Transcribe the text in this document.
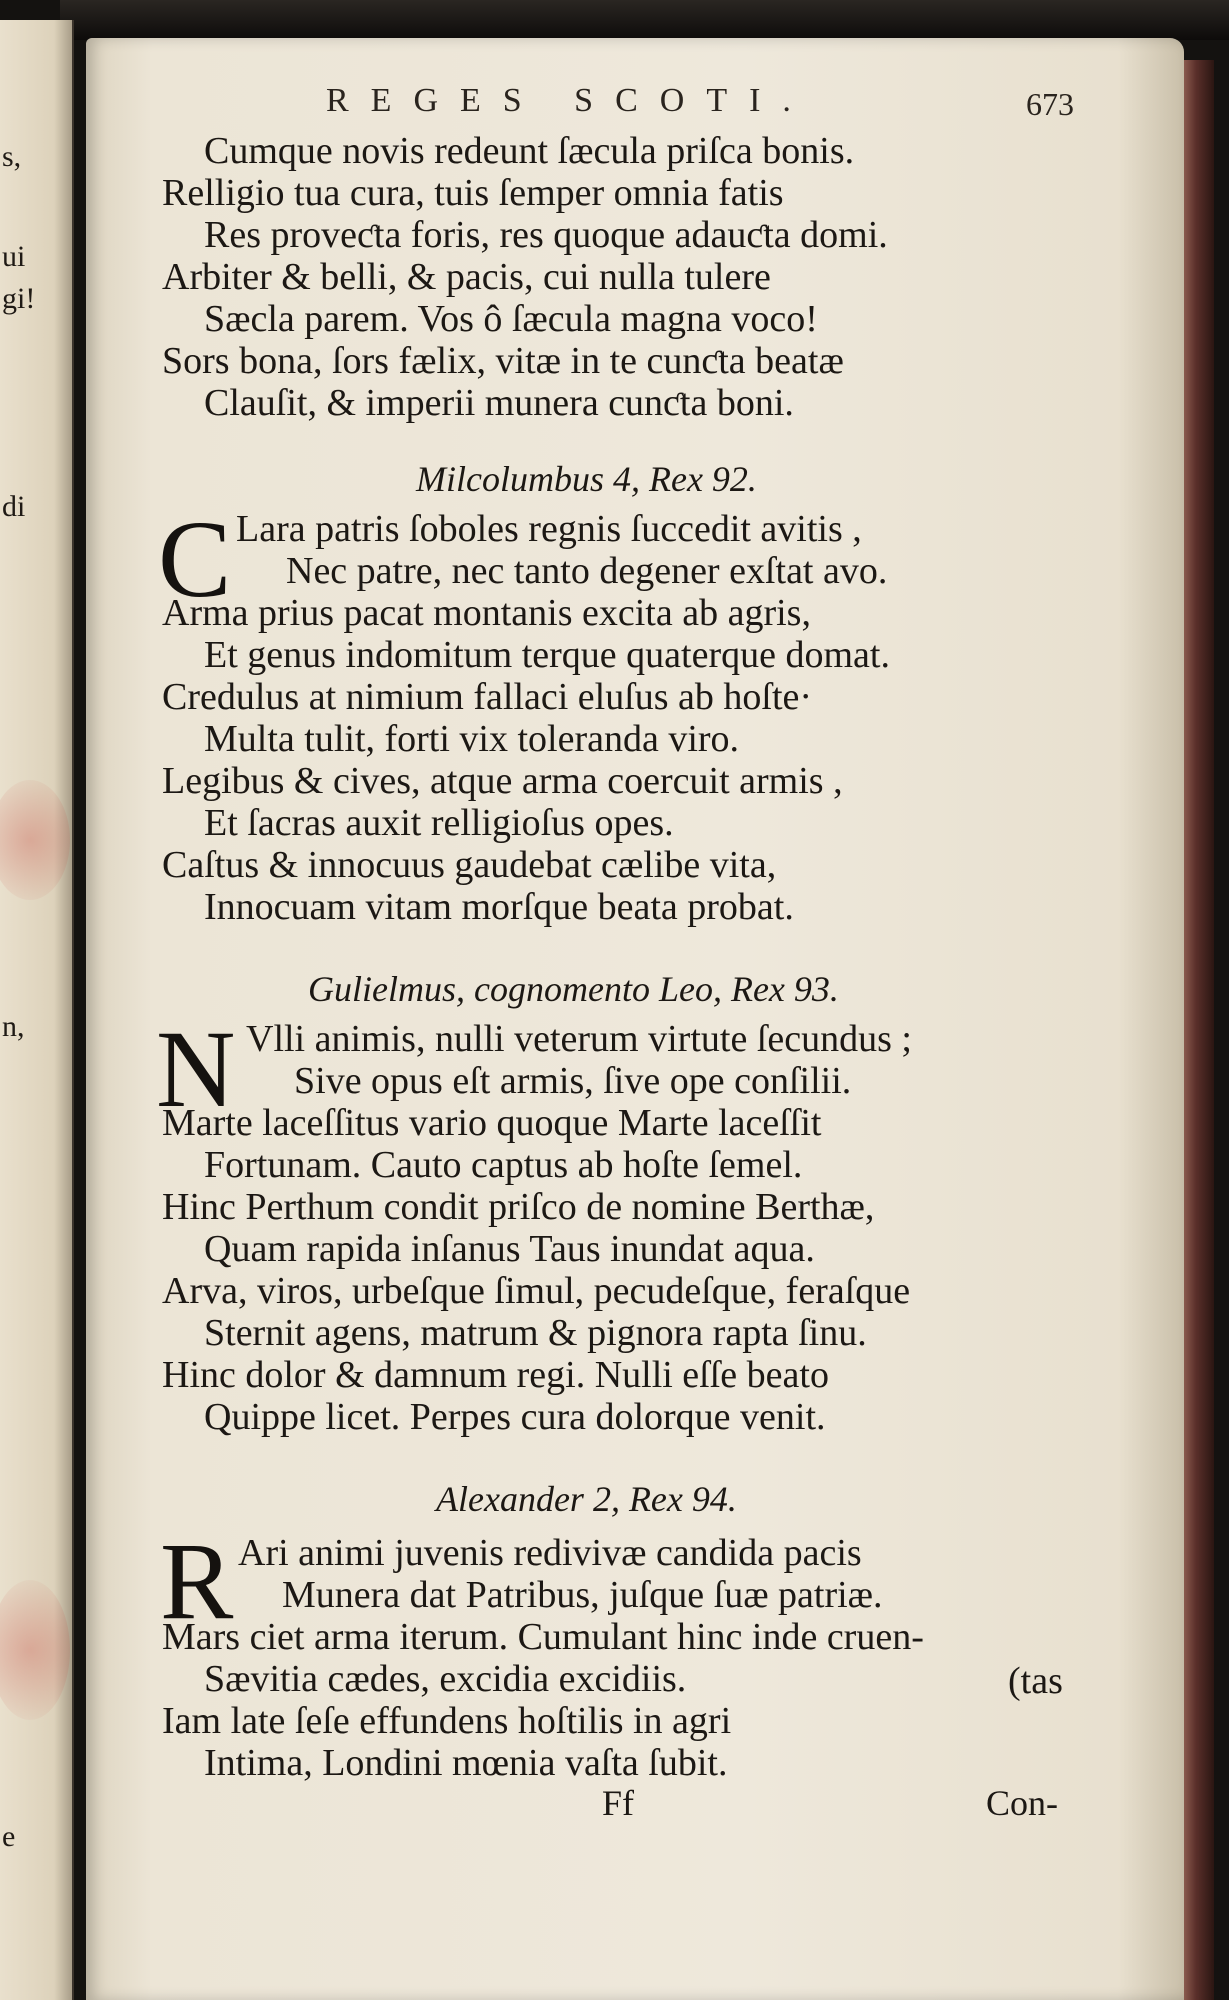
s,
ui
gi!
di
n,
e
REGES SCOTI.	673
Cumque novis redeunt ſæcula priſca bonis.
Relligio tua cura, tuis ſemper omnia fatis
Res proveƈta foris, res quoque adauƈta domi.
Arbiter & belli, & pacis, cui nulla tulere
Sæcla parem. Vos ô ſæcula magna voco!
Sors bona, ſors fælix, vitæ in te cunƈta beatæ
Clauſit, & imperii munera cunƈta boni.
Milcolumbus 4, Rex 92.
C Lara patris ſoboles regnis ſuccedit avitis ,
Nec patre, nec tanto degener exſtat avo.
Arma prius pacat montanis excita ab agris,
Et genus indomitum terque quaterque domat.
Credulus at nimium fallaci eluſus ab hoſte·
Multa tulit, forti vix toleranda viro.
Legibus & cives, atque arma coercuit armis ,
Et ſacras auxit relligioſus opes.
Caſtus & innocuus gaudebat cælibe vita,
Innocuam vitam morſque beata probat.
Gulielmus, cognomento Leo, Rex 93.
N Vlli animis, nulli veterum virtute ſecundus ;
Sive opus eſt armis, ſive ope conſilii.
Marte laceſſitus vario quoque Marte laceſſit
Fortunam. Cauto captus ab hoſte ſemel.
Hinc Perthum condit priſco de nomine Berthæ,
Quam rapida inſanus Taus inundat aqua.
Arva, viros, urbeſque ſimul, pecudeſque, feraſque
Sternit agens, matrum & pignora rapta ſinu.
Hinc dolor & damnum regi. Nulli eſſe beato
Quippe licet. Perpes cura dolorque venit.
Alexander 2, Rex 94.
R Ari animi juvenis redivivæ candida pacis
Munera dat Patribus, juſque ſuæ patriæ.
Mars ciet arma iterum. Cumulant hinc inde cruen-
Sævitia cædes, excidia excidiis.	(tas
Iam late ſeſe effundens hoſtilis in agri
Intima, Londini mœnia vaſta ſubit.
Ff	Con-
